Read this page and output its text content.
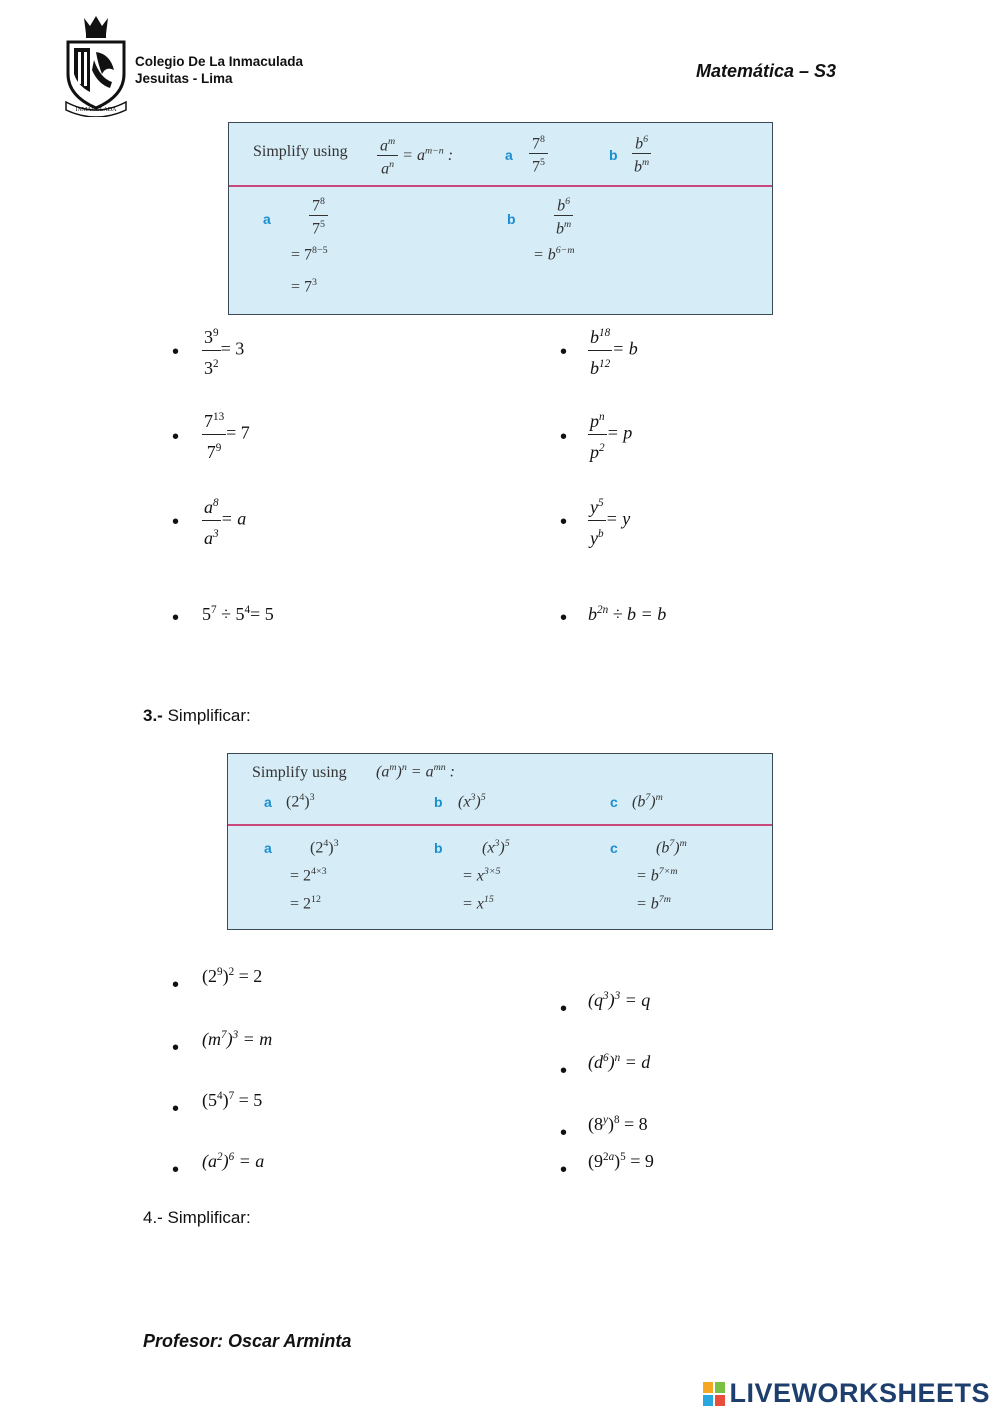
INMACULADA
Colegio De La Inmaculada
Jesuitas - Lima	Matemática – S3
Simplify using $\frac{a^m}{a^n} = a^{m-n}$ :	a $\frac{7^8}{7^5}$	b $\frac{b^6}{b^m}$
a $\frac{7^8}{7^5}$
= $7^{8-5}$
= $7^3$
b $\frac{b^6}{b^m}$
= $b^{6-m}$
• $\frac{3^9}{3^2} = 3$	• $\frac{b^{18}}{b^{12}} = b$
• $\frac{7^{13}}{7^9} = 7$	• $\frac{p^n}{p^2} = p$
• $\frac{a^8}{a^3} = a$	• $\frac{y^5}{y^b} = y$
• $5^7 \div 5^4= 5$	• $b^{2n} \div b = b$
3.- Simplificar:
Simplify using $(a^m)^n = a^{mn}$ :
a $(2^4)^3$	b $(x^3)^5$	c $(b^7)^m$
a $(2^4)^3$
= $2^{4\times 3}$
= $2^{12}$
b $(x^3)^5$
= $x^{3\times 5}$
= $x^{15}$
c $(b^7)^m$
= $b^{7\times m}$
= $b^{7m}$
• $(2^9)^2 = 2$
• $(m^7)^3 = m$
• $(5^4)^7 = 5$
• $(a^2)^6 = a$
• $(q^3)^3 = q$
• $(d^6)^n = d$
• $(8^y)^8 = 8$
• $(9^{2a})^5 = 9$
4.- Simplificar:
Profesor: Oscar Arminta
LIVEWORKSHEETS
